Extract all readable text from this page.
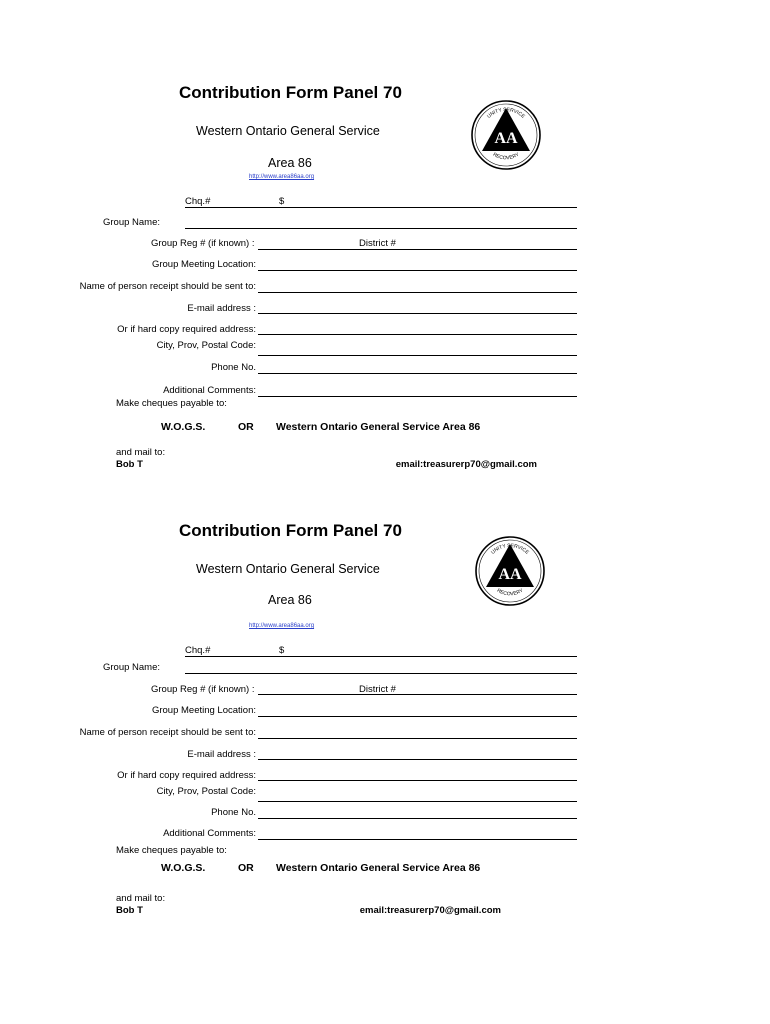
Contribution Form Panel 70
Western Ontario General Service
Area 86
http://www.area86aa.org
AA
UNITY SERVICE
RECOVERY
Chq.#	$
Group Name:
Group Reg # (if known) :	District #
Group Meeting Location:
Name of person receipt should be sent to:
E-mail address :
Or if hard copy required address:
City, Prov, Postal Code:
Phone No.
Additional Comments:
Make cheques payable to:
W.O.G.S.	OR Western Ontario General Service Area 86
and mail to:
Bob T	email:treasurerp70@gmail.com
Contribution Form Panel 70
Western Ontario General Service
Area 86
http://www.area86aa.org
AA
UNITY SERVICE
RECOVERY
Chq.#	$
Group Name:
Group Reg # (if known) :	District #
Group Meeting Location:
Name of person receipt should be sent to:
E-mail address :
Or if hard copy required address:
City, Prov, Postal Code:
Phone No.
Additional Comments:
Make cheques payable to:
W.O.G.S.	OR Western Ontario General Service Area 86
and mail to:
Bob T	email:treasurerp70@gmail.com
